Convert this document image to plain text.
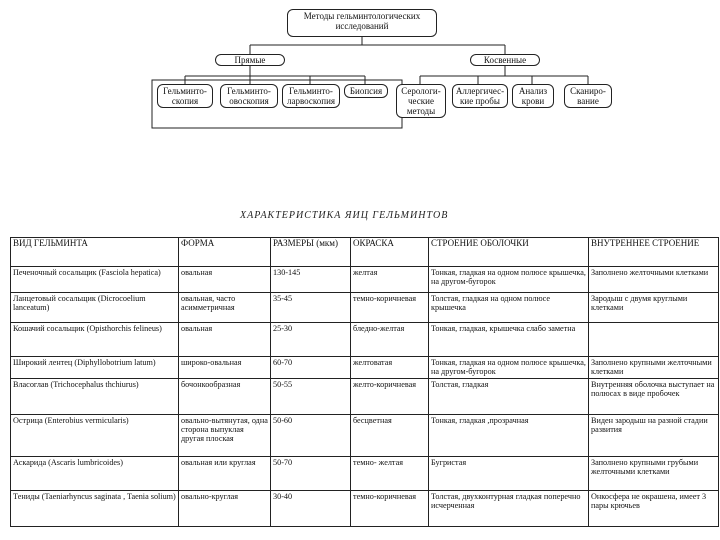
Методы гельминтологических исследований
Прямые	Косвенные
Гельминто-скопия
Гельминто-овоскопия
Гельминто-ларвоскопия
Биопсия	Серологи-ческие методы
Аллергичес-кие пробы
Анализ крови
Сканиро-вание
ХАРАКТЕРИСТИКА ЯИЦ ГЕЛЬМИНТОВ
ВИД ГЕЛЬМИНТА	ФОРМА	РАЗМЕРЫ (мкм)	ОКРАСКА	СТРОЕНИЕ ОБОЛОЧКИ	ВНУТРЕННЕЕ СТРОЕНИЕ
Печеночный сосальщик (Fasciola hepatica)	овальная	130-145	желтая	Тонкая, гладкая на одном полюсе крышечка, на другом-бугорок	Заполнено желточными клетками
Ланцетовый сосальщик (Dicrocoelium lanceatum)	овальная, часто асимметричная	35-45	темно-коричневая	Толстая, гладкая на одном полюсе крышечка	Зародыш с двумя круглыми клетками
Кошачий сосальщик (Opisthorchis felineus)	овальная	25-30	бледно-желтая	Тонкая, гладкая, крышечка слабо заметна	
Широкий лентец (Diphyllobotrium latum)	широко-овальная	60-70	желтоватая	Тонкая, гладкая на одном полюсе крышечка, на другом-бугорок	Заполнено крупными желточными клетками
Власоглав (Trichocephalus thchiurus)	бочонкообразная	50-55	желто-коричневая	Толстая, гладкая	Внутренняя оболочка выступает на полюсах в виде пробочек
Острица (Enterobius vermicularis)	овально-вытянутая, одна сторона выпуклая другая плоская	50-60	бесцветная	Тонкая, гладкая ,прозрачная	Виден зародыш на разной стадии развития
Аскарида (Ascaris lumbricoides)	овальная или круглая	50-70	темно- желтая	Бугристая	Заполнено крупными грубыми желточными клетками
Тениды (Taeniarhyncus saginata , Taenia solium)	овально-круглая	30-40	темно-коричневая	Толстая, двухконтурная гладкая поперечно исчерченная	Онкосфера не окрашена, имеет 3 пары крючьев
